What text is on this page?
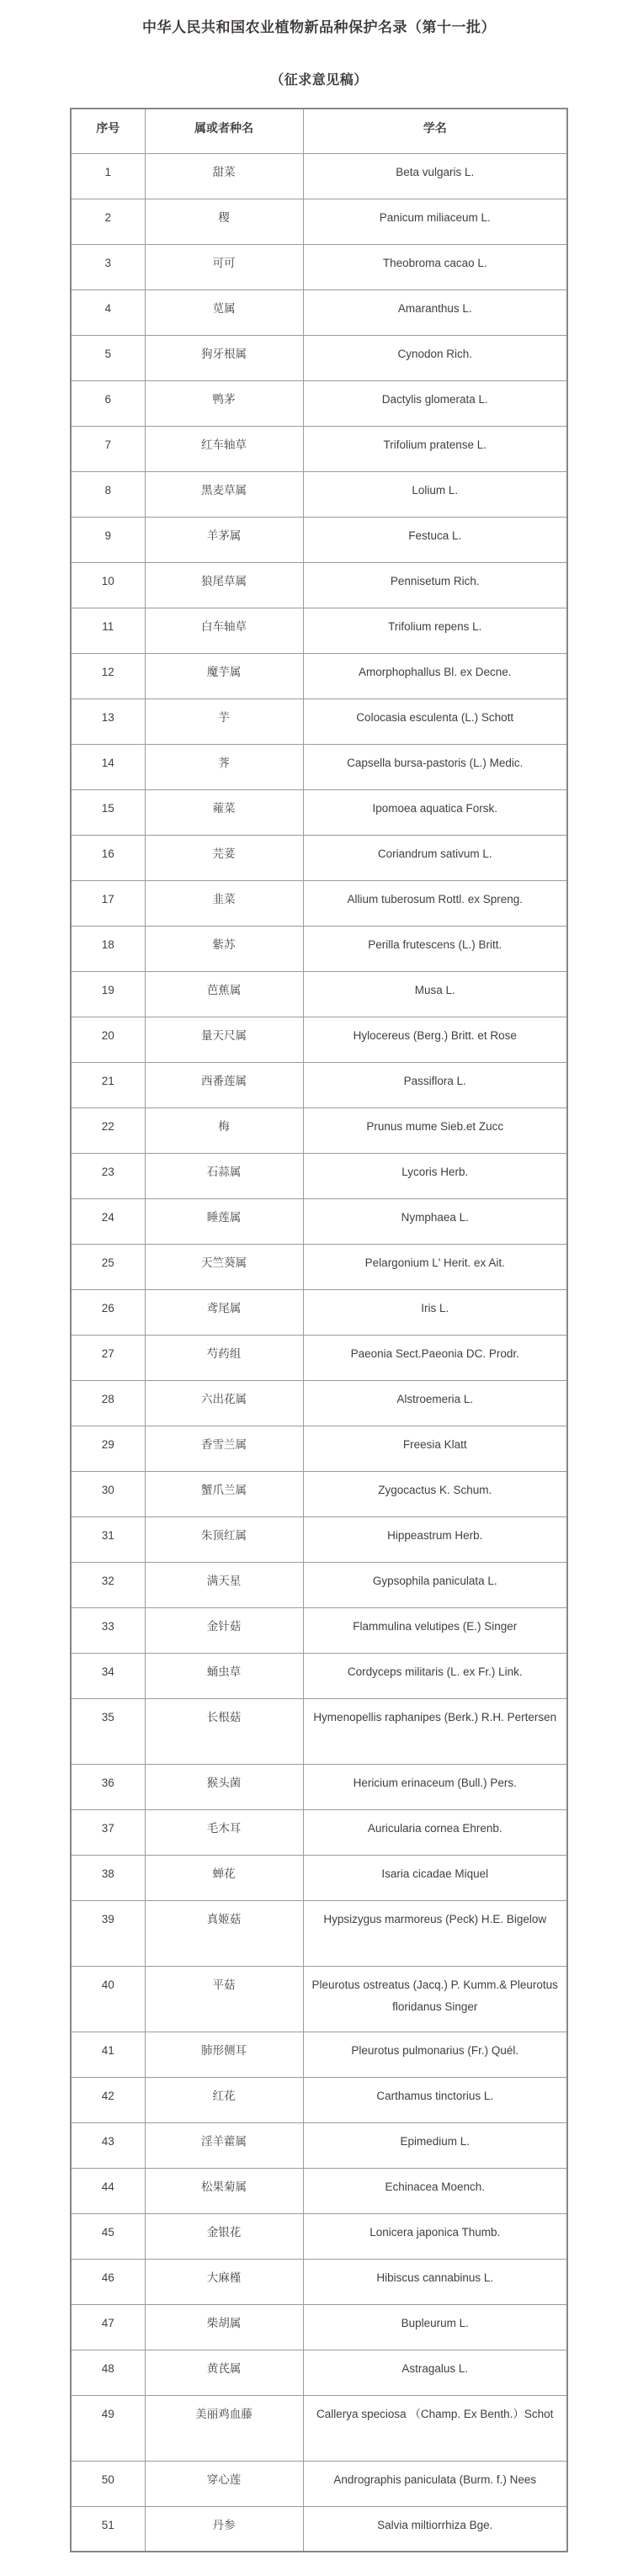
中华人民共和国农业植物新品种保护名录（第十一批）
（征求意见稿）
序号	属或者种名	学名
1	甜菜	Beta vulgaris L.
2	稷	Panicum miliaceum L.
3	可可	Theobroma cacao L.
4	苋属	Amaranthus L.
5	狗牙根属	Cynodon Rich.
6	鸭茅	Dactylis glomerata L.
7	红车轴草	Trifolium pratense L.
8	黑麦草属	Lolium L.
9	羊茅属	Festuca L.
10	狼尾草属	Pennisetum Rich.
11	白车轴草	Trifolium repens L.
12	魔芋属	Amorphophallus Bl. ex Decne.
13	芋	Colocasia esculenta (L.) Schott
14	荠	Capsella bursa-pastoris (L.) Medic.
15	蕹菜	Ipomoea aquatica Forsk.
16	芫荽	Coriandrum sativum L.
17	韭菜	Allium tuberosum Rottl. ex Spreng.
18	紫苏	Perilla frutescens (L.) Britt.
19	芭蕉属	Musa L.
20	量天尺属	Hylocereus (Berg.) Britt. et Rose
21	西番莲属	Passiflora L.
22	梅	Prunus mume Sieb.et Zucc
23	石蒜属	Lycoris Herb.
24	睡莲属	Nymphaea L.
25	天竺葵属	Pelargonium L' Herit. ex Ait.
26	鸢尾属	Iris L.
27	芍药组	Paeonia Sect.Paeonia DC. Prodr.
28	六出花属	Alstroemeria L.
29	香雪兰属	Freesia Klatt
30	蟹爪兰属	Zygocactus K. Schum.
31	朱顶红属	Hippeastrum Herb.
32	满天星	Gypsophila paniculata L.
33	金针菇	Flammulina velutipes (E.) Singer
34	蛹虫草	Cordyceps militaris (L. ex Fr.) Link.
35	长根菇	Hymenopellis raphanipes (Berk.) R.H. Pertersen
36	猴头菌	Hericium erinaceum (Bull.) Pers.
37	毛木耳	Auricularia cornea Ehrenb.
38	蝉花	Isaria cicadae Miquel
39	真姬菇	Hypsizygus marmoreus (Peck) H.E. Bigelow
40	平菇	Pleurotus ostreatus (Jacq.) P. Kumm.& Pleurotus floridanus Singer
41	肺形侧耳	Pleurotus pulmonarius (Fr.) Quél.
42	红花	Carthamus tinctorius L.
43	淫羊藿属	Epimedium L.
44	松果菊属	Echinacea Moench.
45	金银花	Lonicera japonica Thumb.
46	大麻槿	Hibiscus cannabinus L.
47	柴胡属	Bupleurum L.
48	黄芪属	Astragalus L.
49	美丽鸡血藤	Callerya speciosa （Champ. Ex Benth.）Schot
50	穿心莲	Andrographis paniculata (Burm. f.) Nees
51	丹参	Salvia miltiorrhiza Bge.
